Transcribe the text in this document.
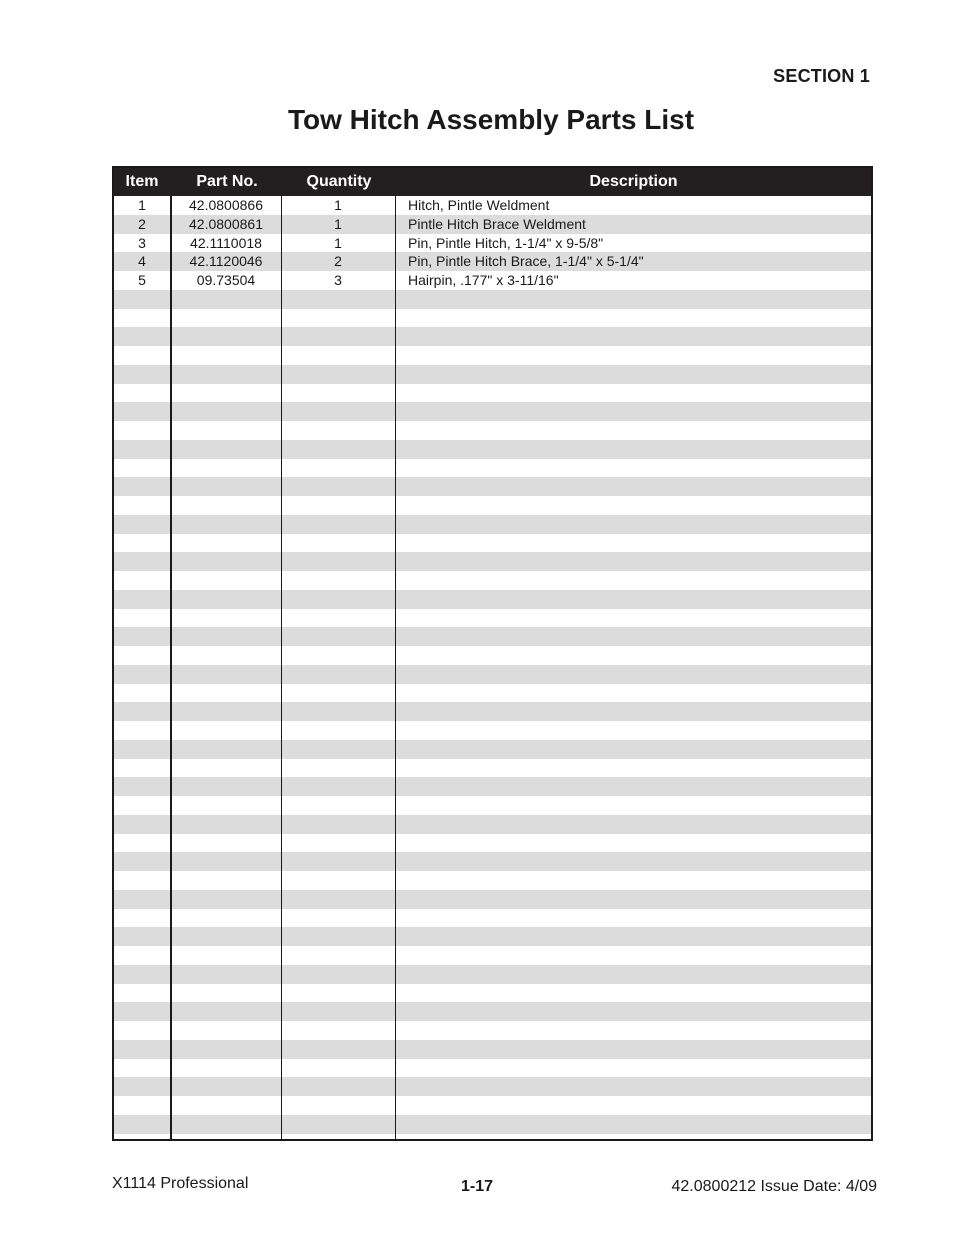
SECTION 1
Tow Hitch Assembly Parts List
Item	Part No.	Quantity	Description
1	42.0800866	1	Hitch, Pintle Weldment
2	42.0800861	1	Pintle Hitch Brace Weldment
3	42.1110018	1	Pin, Pintle Hitch, 1-1/4" x 9-5/8"
4	42.1120046	2	Pin, Pintle Hitch Brace, 1-1/4" x 5-1/4"
5	09.73504	3	Hairpin, .177" x 3-11/16"
X1114 Professional	1-17	42.0800212 Issue Date: 4/09
